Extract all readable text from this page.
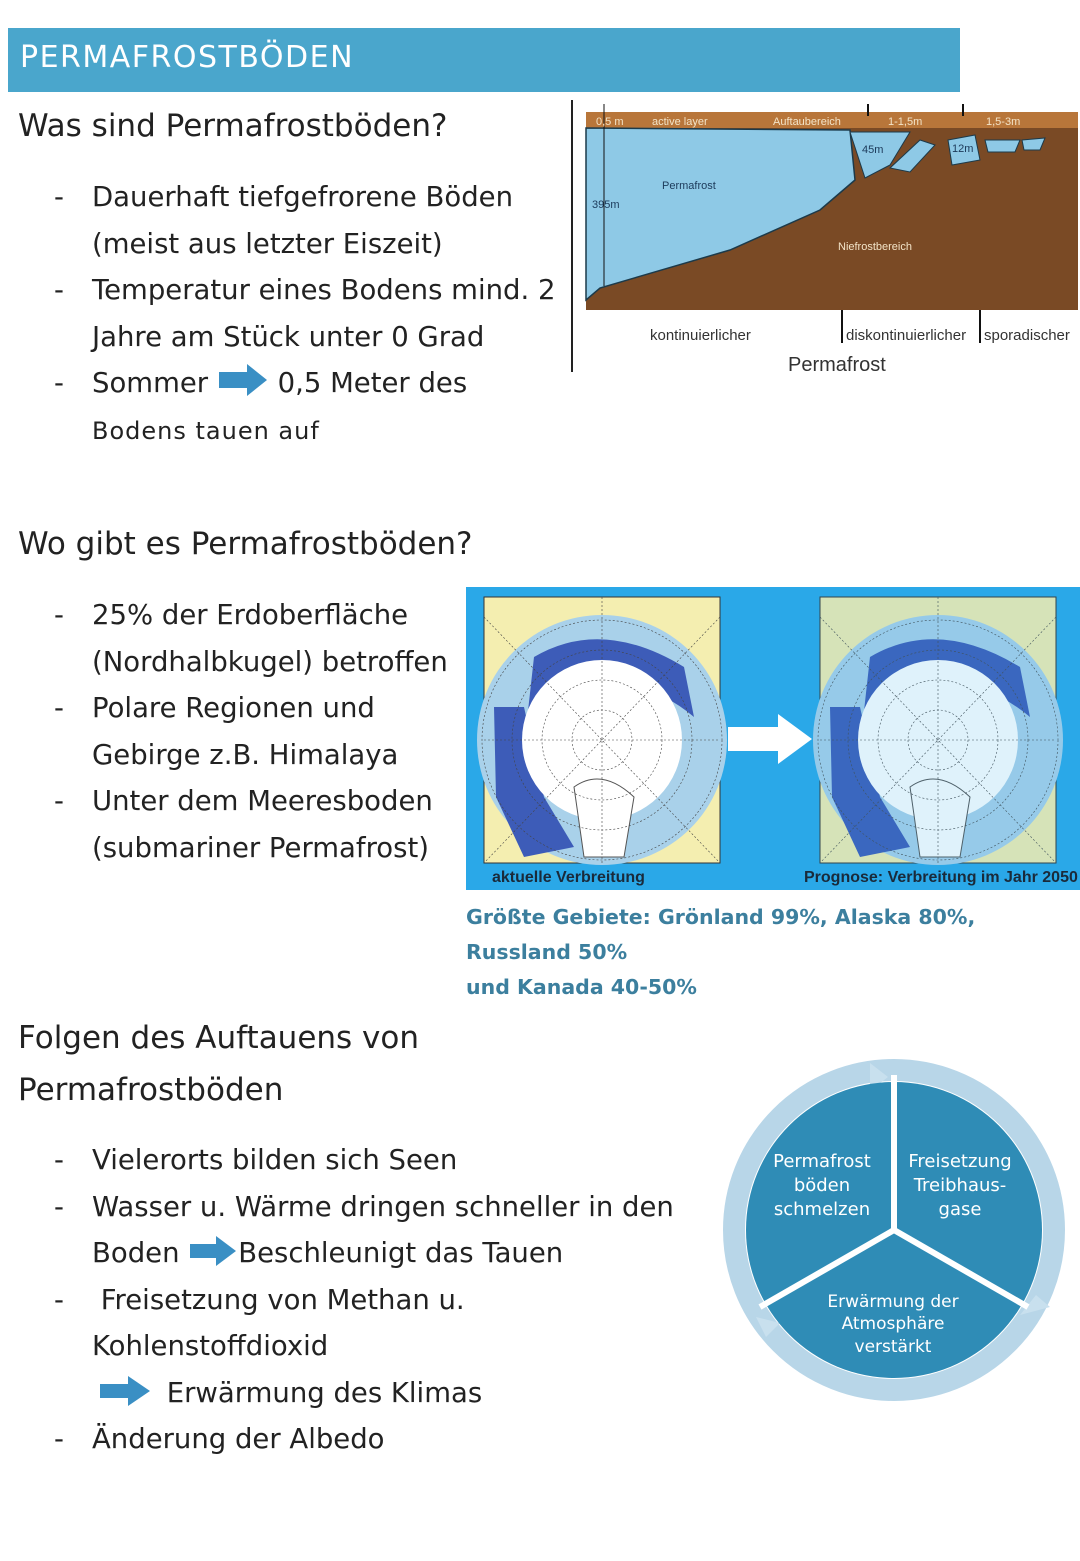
PERMAFROSTBÖDEN
Was sind Permafrostböden?
- Dauerhaft tiefgefrorene Böden
(meist aus letzter Eiszeit)
- Temperatur eines Bodens mind. 2
Jahre am Stück unter 0 Grad
- Sommer	0,5 Meter des
Bodens tauen auf
0,5 m	active layer	Auftaubereich	1-1,5m	1,5-3m
Niefrostbereich
395m
45m	12m
Permafrost
kontinuierlicher	diskontinuierlicher sporadischer
Permafrost
Wo gibt es Permafrostböden?
- 25% der Erdoberfläche
(Nordhalbkugel) betroffen
- Polare Regionen und
Gebirge z.B. Himalaya
- Unter dem Meeresboden
(submariner Permafrost)
aktuelle Verbreitung	Prognose: Verbreitung im Jahr 2050
Größte Gebiete: Grönland 99%, Alaska 80%, Russland 50%
und Kanada 40-50%
Folgen des Auftauens von
Permafrostböden
- Vielerorts bilden sich Seen
- Wasser u. Wärme dringen schneller in den
Boden Beschleunigt das Tauen
- Freisetzung von Methan u.
Kohlenstoffdioxid
Erwärmung des Klimas
- Änderung der Albedo
Permafrost
böden
schmelzen
Freisetzung
Treibhaus-
gase
Erwärmung der
Atmosphäre
verstärkt
